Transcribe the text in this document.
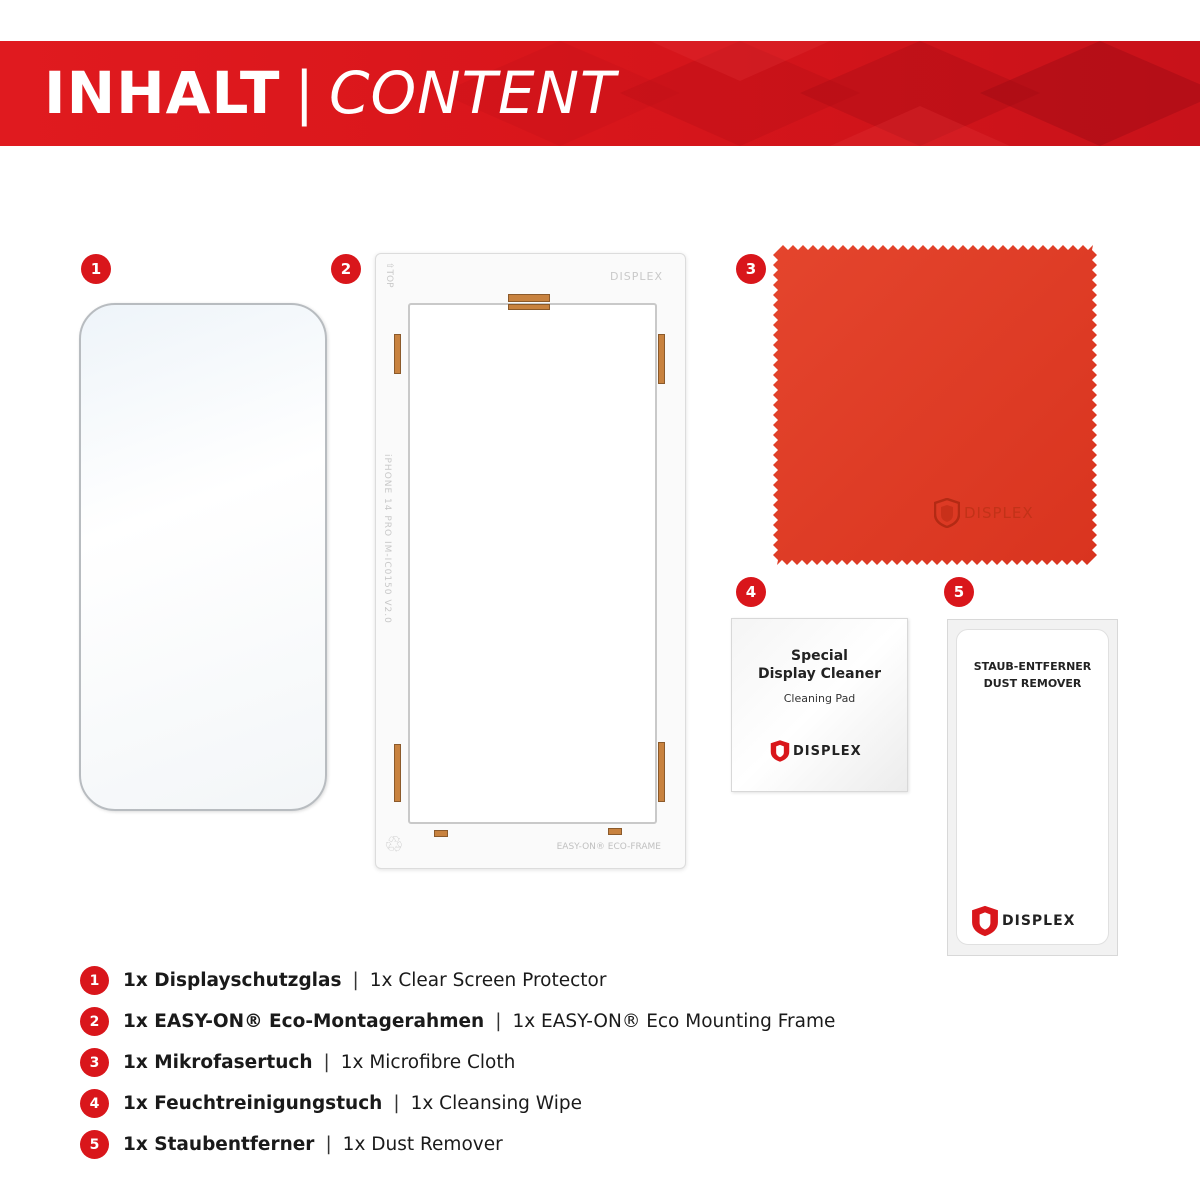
INHALT | CONTENT
1	2	DISPLEX
iPHONE 14 PRO IM-IC0150 V2.0
⇧TOP
♲	EASY-ON® ECO-FRAME
3
DISPLEX
4
Special
Display Cleaner
Cleaning Pad
DISPLEX
5
STAUB-ENTFERNER
DUST REMOVER
DISPLEX
1	1x Displayschutzglas | 1x Clear Screen Protector
2	1x EASY-ON® Eco-Montagerahmen | 1x EASY-ON® Eco Mounting Frame
3	1x Mikrofasertuch | 1x Microfibre Cloth
4	1x Feuchtreinigungstuch | 1x Cleansing Wipe
5	1x Staubentferner | 1x Dust Remover
